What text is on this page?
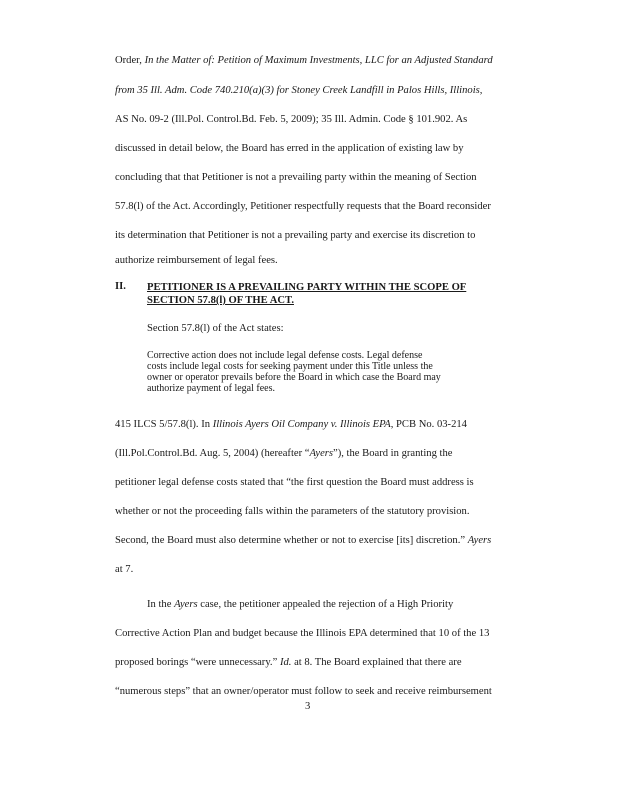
Order, In the Matter of: Petition of Maximum Investments, LLC for an Adjusted Standard
from 35 Ill. Adm. Code 740.210(a)(3) for Stoney Creek Landfill in Palos Hills, Illinois,
AS No. 09-2 (Ill.Pol. Control.Bd. Feb. 5, 2009); 35 Ill. Admin. Code § 101.902. As
discussed in detail below, the Board has erred in the application of existing law by
concluding that that Petitioner is not a prevailing party within the meaning of Section
57.8(l) of the Act. Accordingly, Petitioner respectfully requests that the Board reconsider
its determination that Petitioner is not a prevailing party and exercise its discretion to
authorize reimbursement of legal fees.
II. PETITIONER IS A PREVAILING PARTY WITHIN THE SCOPE OF
SECTION 57.8(l) OF THE ACT.
Section 57.8(l) of the Act states:
Corrective action does not include legal defense costs. Legal defense
costs include legal costs for seeking payment under this Title unless the
owner or operator prevails before the Board in which case the Board may
authorize payment of legal fees.
415 ILCS 5/57.8(l). In Illinois Ayers Oil Company v. Illinois EPA, PCB No. 03-214
(Ill.Pol.Control.Bd. Aug. 5, 2004) (hereafter “Ayers”), the Board in granting the
petitioner legal defense costs stated that “the first question the Board must address is
whether or not the proceeding falls within the parameters of the statutory provision.
Second, the Board must also determine whether or not to exercise [its] discretion.” Ayers
at 7.
In the Ayers case, the petitioner appealed the rejection of a High Priority
Corrective Action Plan and budget because the Illinois EPA determined that 10 of the 13
proposed borings “were unnecessary.” Id. at 8. The Board explained that there are
“numerous steps” that an owner/operator must follow to seek and receive reimbursement
3
